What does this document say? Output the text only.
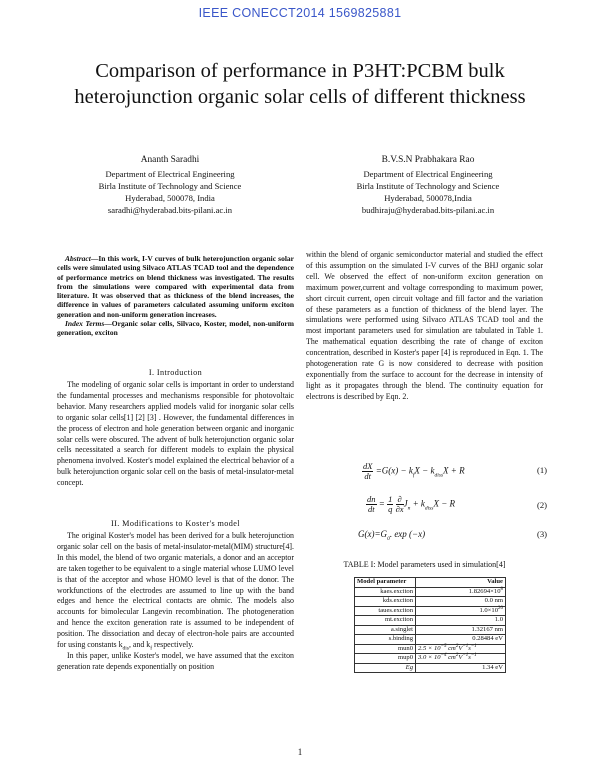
IEEE CONECCT2014 1569825881
Comparison of performance in P3HT:PCBM bulk heterojunction organic solar cells of different thickness
Ananth Saradhi
Department of Electrical Engineering
Birla Institute of Technology and Science
Hyderabad, 500078, India
saradhi@hyderabad.bits-pilani.ac.in
B.V.S.N Prabhakara Rao
Department of Electrical Engineering
Birla Institute of Technology and Science
Hyderabad, 500078,India
budhiraju@hyderabad.bits-pilani.ac.in

Abstract—In this work, I-V curves of bulk heterojunction organic solar cells were simulated using Silvaco ATLAS TCAD tool and the dependence of performance metrics on blend thickness was investigated. The results from the simulations were compared with experimental data from literature. It was observed that as thickness of the blend increases, the difference in values of parameters calculated assuming uniform exciton generation and non-uniform generation increases.

Index Terms—Organic solar cells, Silvaco, Koster, model, non-uniform generation, exciton

I. Introduction

The modeling of organic solar cells is important in order to understand the fundamental processes and mechanisms responsible for photovoltaic behavior. Many researchers applied models valid for inorganic solar cells to organic solar cells[1] [2] [3] . However, the fundamental differences in the process of electron and hole generation between organic and inorganic solar cells were obscured. The advent of bulk heterojunction organic solar cells necessitated a search for different models to explain the physical phenomena involved. Koster's model explained the electrical behavior of a bulk heterojunction organic solar cell on the basis of metal-insulator-metal concept.

II. Modifications to Koster's model

The original Koster's model has been derived for a bulk heterojunction organic solar cell on the basis of metal-insulator-metal(MIM) structure[4]. In this model, the blend of two organic materials, a donor and an acceptor are taken together to be equivalent to a single material whose LUMO level is that of the acceptor and whose HOMO level is that of the donor. The workfunctions of the electrodes are assumed to line up with the band edges and hence the electrical contacts are ohmic. The models also accounts for bimolecular Langevin recombination. The photogeneration and hence the exciton generation rate is assumed to be independent of position. The dissociation and decay of electron-hole pairs are accounted for using constants $k_{dis}$, and $k_f$ respectively.

In this paper, unlike Koster's model, we have assumed that the exciton generation rate depends exponentially on position

within the blend of organic semiconductor material and studied the effect of this assumption on the simulated I-V curves of the BHJ organic solar cell. We observed the effect of non-uniform exciton generation on maximum power,current and voltage corresponding to maximum power, short circuit current, open circuit voltage and fill factor and the variation of these parameters as a function of thickness of the blend layer. The simulations were performed using Silvaco ATLAS TCAD tool and the most important parameters used for simulation are tabulated in Table 1. The mathematical equation describing the rate of change of exciton concentration, described in Koster's paper [4] is reproduced in Eqn. 1. The photogeneration rate G is now considered to decrease with position exponentially from the surface to account for the decrease in intensity of light as it propagates through the blend. The continuity equation for electrons is described by Eqn. 2.

$\frac{dX}{dt} =G(x) - k_fX - k_{diss}X + R$	(1)
$\frac{dn}{dt} = \frac{1}{q}$
$\frac{\partial}{\partial x} J_n + k_{diss}X - R$	(2)
$G(x)=G_0$. exp (−x)	(3)
TABLE I: Model parameters used in simulation[4]
Model parameter	Value
kaes.exciton	$1.82694\times 10^8$
kds.exciton	0.0 nm
taues.exciton	$1.0\times 10^{20}$
mt.exciton	1.0
a.singlet	1.32167 nm
s.binding	0.28484 eV
mun0	$2.5 \times 10^{-5}$ $cm^2V^{-1}s^{-1}$
mup0	$3.0 \times 10^{-4}$ $cm^2V^{-1}s^{-1}$
Eg	1.34 eV
1
